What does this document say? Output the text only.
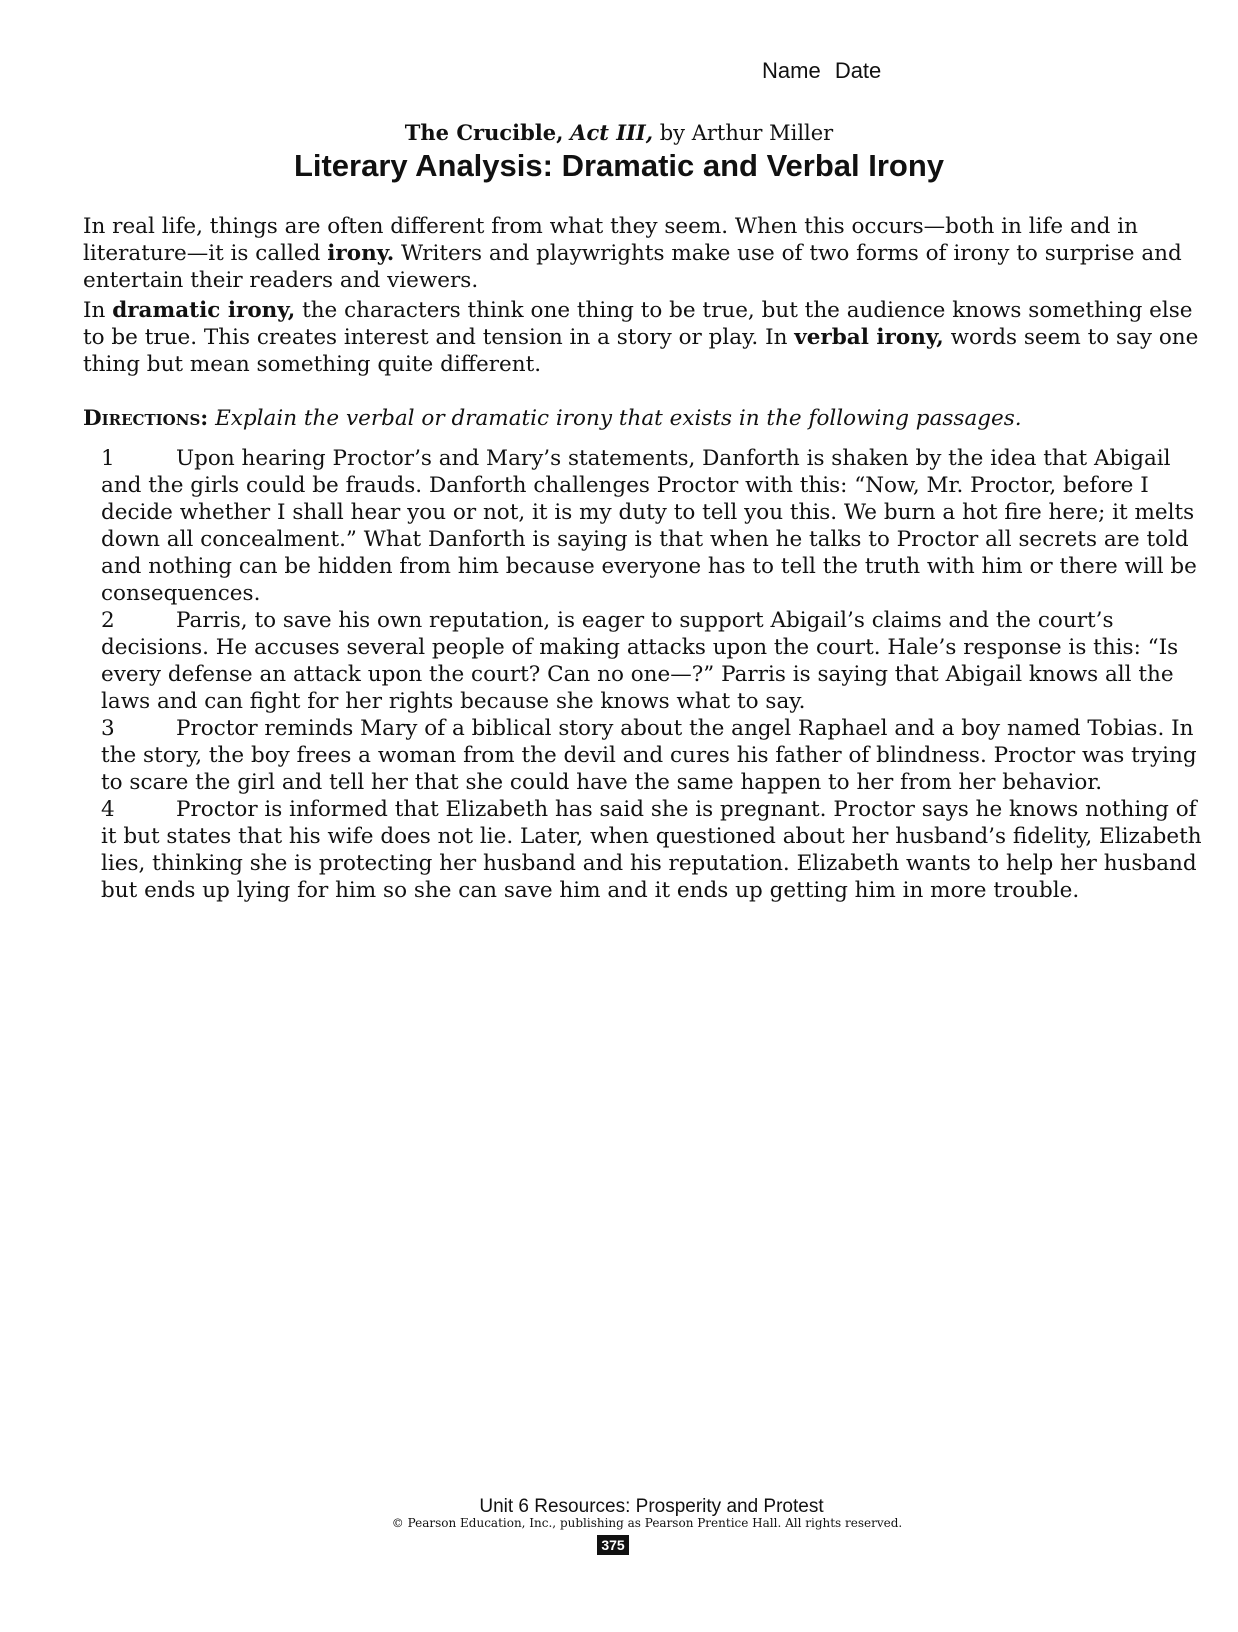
Name Date
The Crucible, Act III, by Arthur Miller
Literary Analysis: Dramatic and Verbal Irony
In real life, things are often different from what they seem. When this occurs—both in life and in literature—it is called irony. Writers and playwrights make use of two forms of irony to surprise and entertain their readers and viewers.
In dramatic irony, the characters think one thing to be true, but the audience knows something else to be true. This creates interest and tension in a story or play. In verbal irony, words seem to say one thing but mean something quite different.
Directions: Explain the verbal or dramatic irony that exists in the following passages.
1	Upon hearing Proctor’s and Mary’s statements, Danforth is shaken by the idea that Abigail and the girls could be frauds. Danforth challenges Proctor with this: “Now, Mr. Proctor, before I decide whether I shall hear you or not, it is my duty to tell you this. We burn a hot fire here; it melts down all concealment.” What Danforth is saying is that when he talks to Proctor all secrets are told and nothing can be hidden from him because everyone has to tell the truth with him or there will be consequences.
2	Parris, to save his own reputation, is eager to support Abigail’s claims and the court’s decisions. He accuses several people of making attacks upon the court. Hale’s response is this: “Is every defense an attack upon the court? Can no one—?” Parris is saying that Abigail knows all the laws and can fight for her rights because she knows what to say.
3	Proctor reminds Mary of a biblical story about the angel Raphael and a boy named Tobias. In the story, the boy frees a woman from the devil and cures his father of blindness. Proctor was trying to scare the girl and tell her that she could have the same happen to her from her behavior.
4	Proctor is informed that Elizabeth has said she is pregnant. Proctor says he knows nothing of it but states that his wife does not lie. Later, when questioned about her husband’s fidelity, Elizabeth lies, thinking she is protecting her husband and his reputation. Elizabeth wants to help her husband but ends up lying for him so she can save him and it ends up getting him in more trouble.
Unit 6 Resources: Prosperity and Protest
© Pearson Education, Inc., publishing as Pearson Prentice Hall. All rights reserved.
375
